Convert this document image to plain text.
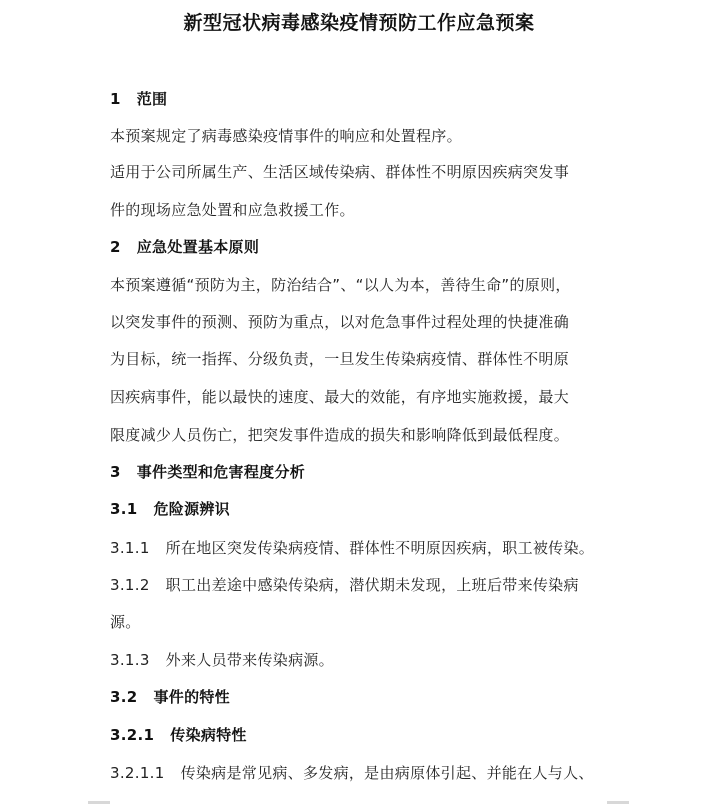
新型冠状病毒感染疫情预防工作应急预案
1 范围
本预案规定了病毒感染疫情事件的响应和处置程序。
适用于公司所属生产、生活区域传染病、群体性不明原因疾病突发事
件的现场应急处置和应急救援工作。
2 应急处置基本原则
本预案遵循“预防为主，防治结合”、“以人为本，善待生命”的原则，
以突发事件的预测、预防为重点，以对危急事件过程处理的快捷准确
为目标，统一指挥、分级负责，一旦发生传染病疫情、群体性不明原
因疾病事件，能以最快的速度、最大的效能，有序地实施救援，最大
限度减少人员伤亡，把突发事件造成的损失和影响降低到最低程度。
3 事件类型和危害程度分析
3.1 危险源辨识
3.1.1 所在地区突发传染病疫情、群体性不明原因疾病，职工被传染。
3.1.2 职工出差途中感染传染病，潜伏期未发现，上班后带来传染病
源。
3.1.3 外来人员带来传染病源。
3.2 事件的特性
3.2.1 传染病特性
3.2.1.1 传染病是常见病、多发病，是由病原体引起、并能在人与人、
